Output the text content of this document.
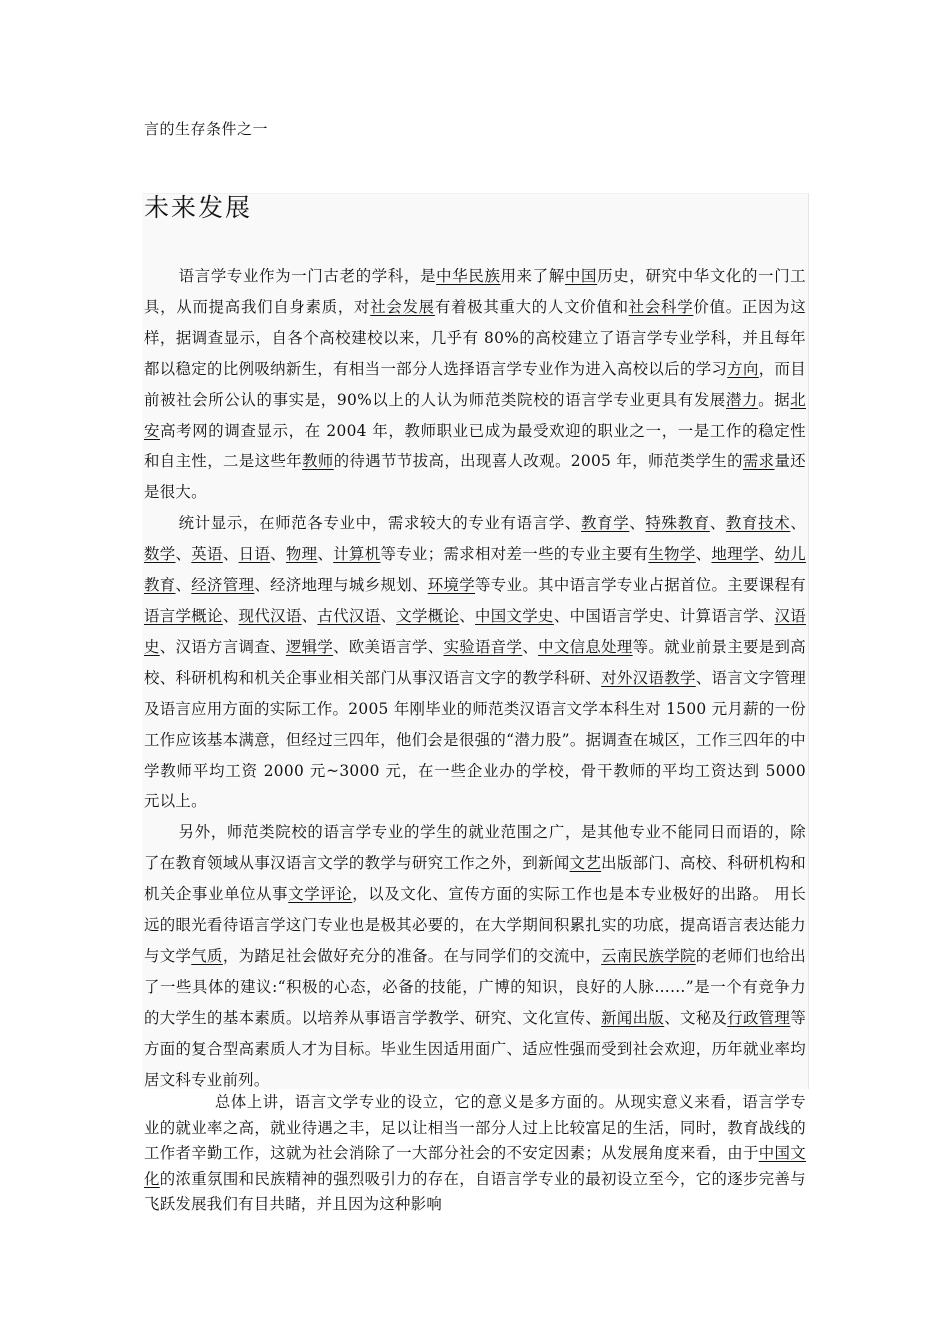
言的生存条件之一
未来发展

语言学专业作为一门古老的学科，是中华民族用来了解中国历史，研究中华文化的一门工具，从而提高我们自身素质，对社会发展有着极其重大的人文价值和社会科学价值。正因为这样，据调查显示，自各个高校建校以来，几乎有 80%的高校建立了语言学专业学科，并且每年都以稳定的比例吸纳新生，有相当一部分人选择语言学专业作为进入高校以后的学习方向，而目前被社会所公认的事实是，90%以上的人认为师范类院校的语言学专业更具有发展潜力。据北安高考网的调查显示，在 2004 年，教师职业已成为最受欢迎的职业之一，一是工作的稳定性和自主性，二是这些年教师的待遇节节拔高，出现喜人改观。2005 年，师范类学生的需求量还是很大。

统计显示，在师范各专业中，需求较大的专业有语言学、教育学、特殊教育、教育技术、数学、英语、日语、物理、计算机等专业；需求相对差一些的专业主要有生物学、地理学、幼儿教育、经济管理、经济地理与城乡规划、环境学等专业。其中语言学专业占据首位。主要课程有语言学概论、现代汉语、古代汉语、文学概论、中国文学史、中国语言学史、计算语言学、汉语史、汉语方言调查、逻辑学、欧美语言学、实验语音学、中文信息处理等。就业前景主要是到高校、科研机构和机关企事业相关部门从事汉语言文字的教学科研、对外汉语教学、语言文字管理及语言应用方面的实际工作。2005 年刚毕业的师范类汉语言文学本科生对 1500 元月薪的一份工作应该基本满意，但经过三四年，他们会是很强的“潜力股”。据调查在城区，工作三四年的中学教师平均工资 2000 元~3000 元，在一些企业办的学校，骨干教师的平均工资达到 5000 元以上。

另外，师范类院校的语言学专业的学生的就业范围之广，是其他专业不能同日而语的，除了在教育领域从事汉语言文学的教学与研究工作之外，到新闻文艺出版部门、高校、科研机构和机关企事业单位从事文学评论，以及文化、宣传方面的实际工作也是本专业极好的出路。 用长远的眼光看待语言学这门专业也是极其必要的，在大学期间积累扎实的功底，提高语言表达能力与文学气质，为踏足社会做好充分的准备。在与同学们的交流中，云南民族学院的老师们也给出了一些具体的建议:“积极的心态，必备的技能，广博的知识，良好的人脉……”是一个有竞争力的大学生的基本素质。以培养从事语言学教学、研究、文化宣传、新闻出版、文秘及行政管理等方面的复合型高素质人才为目标。毕业生因适用面广、适应性强而受到社会欢迎，历年就业率均居文科专业前列。

总体上讲，语言文学专业的设立，它的意义是多方面的。从现实意义来看，语言学专业的就业率之高，就业待遇之丰，足以让相当一部分人过上比较富足的生活，同时，教育战线的工作者辛勤工作，这就为社会消除了一大部分社会的不安定因素；从发展角度来看，由于中国文化的浓重氛围和民族精神的强烈吸引力的存在，自语言学专业的最初设立至今，它的逐步完善与飞跃发展我们有目共睹，并且因为这种影响
